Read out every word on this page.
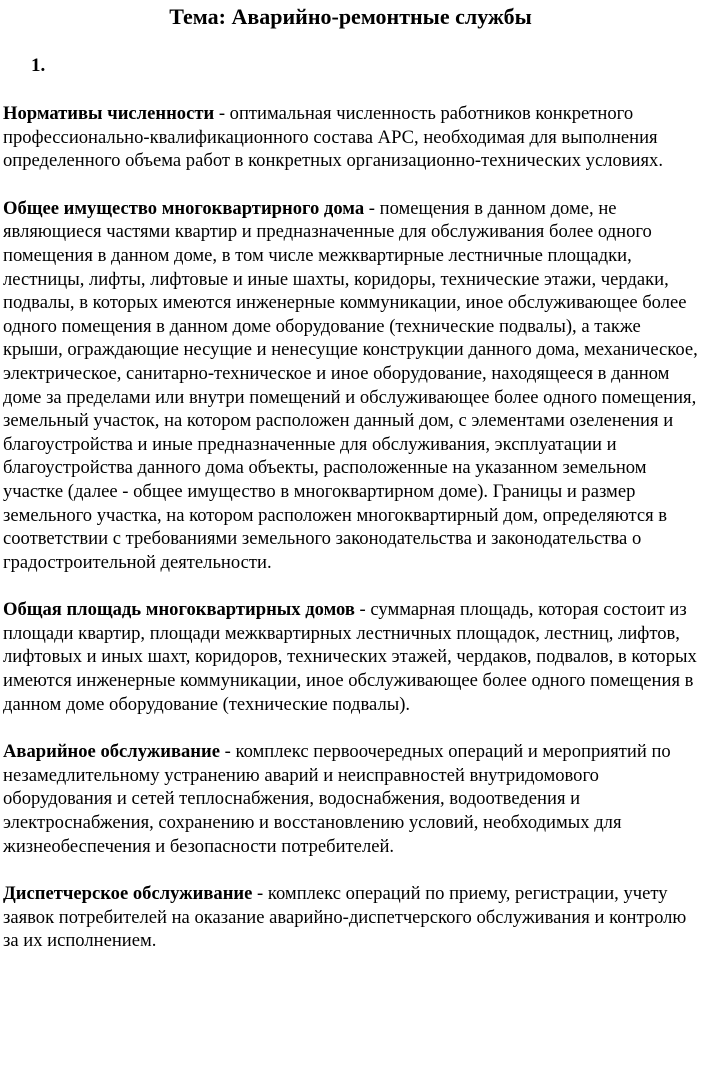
Тема: Аварийно-ремонтные службы
1.

Нормативы численности - оптимальная численность работников конкретного профессионально-квалификационного состава АРС, необходимая для выполнения определенного объема работ в конкретных организационно-технических условиях.

Общее имущество многоквартирного дома - помещения в данном доме, не являющиеся частями квартир и предназначенные для обслуживания более одного помещения в данном доме, в том числе межквартирные лестничные площадки, лестницы, лифты, лифтовые и иные шахты, коридоры, технические этажи, чердаки, подвалы, в которых имеются инженерные коммуникации, иное обслуживающее более одного помещения в данном доме оборудование (технические подвалы), а также крыши, ограждающие несущие и ненесущие конструкции данного дома, механическое, электрическое, санитарно-техническое и иное оборудование, находящееся в данном доме за пределами или внутри помещений и обслуживающее более одного помещения, земельный участок, на котором расположен данный дом, с элементами озеленения и благоустройства и иные предназначенные для обслуживания, эксплуатации и благоустройства данного дома объекты, расположенные на указанном земельном участке (далее - общее имущество в многоквартирном доме). Границы и размер земельного участка, на котором расположен многоквартирный дом, определяются в соответствии с требованиями земельного законодательства и законодательства о градостроительной деятельности.

Общая площадь многоквартирных домов - суммарная площадь, которая состоит из площади квартир, площади межквартирных лестничных площадок, лестниц, лифтов, лифтовых и иных шахт, коридоров, технических этажей, чердаков, подвалов, в которых имеются инженерные коммуникации, иное обслуживающее более одного помещения в данном доме оборудование (технические подвалы).

Аварийное обслуживание - комплекс первоочередных операций и мероприятий по незамедлительному устранению аварий и неисправностей внутридомового оборудования и сетей теплоснабжения, водоснабжения, водоотведения и электроснабжения, сохранению и восстановлению условий, необходимых для жизнеобеспечения и безопасности потребителей.

Диспетчерское обслуживание - комплекс операций по приему, регистрации, учету заявок потребителей на оказание аварийно-диспетчерского обслуживания и контролю за их исполнением.
